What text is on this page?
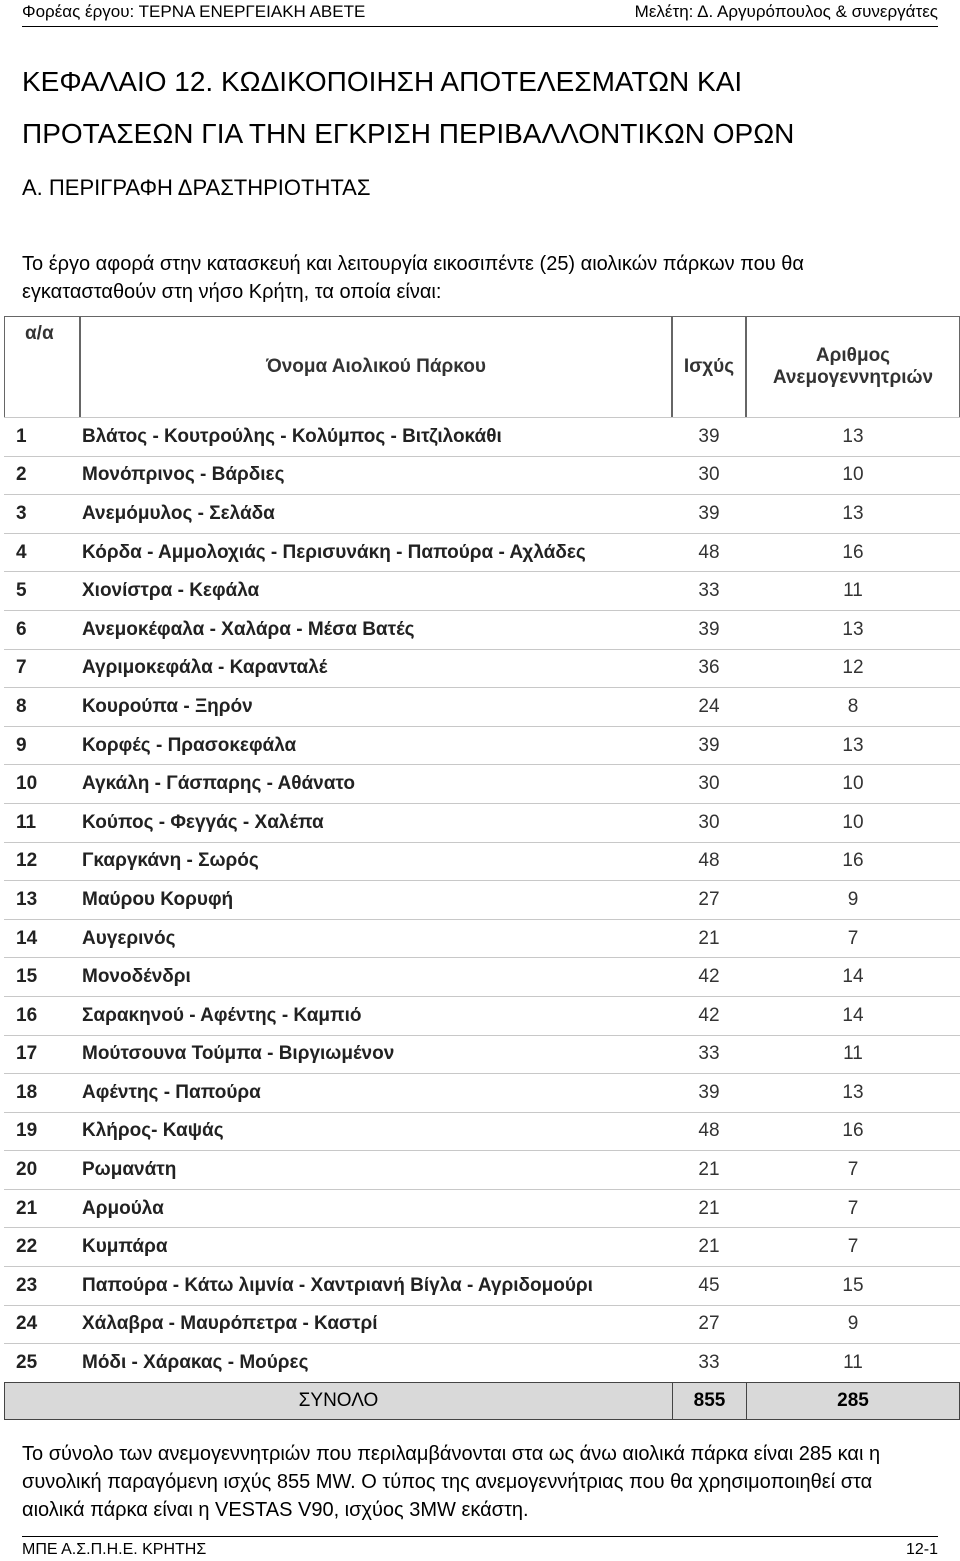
Φορέας έργου: ΤΕΡΝΑ ΕΝΕΡΓΕΙΑΚΗ ΑΒΕΤΕ	Μελέτη: Δ. Αργυρόπουλος & συνεργάτες
ΚΕΦΑΛΑΙΟ 12. ΚΩΔΙΚΟΠΟΙΗΣΗ ΑΠΟΤΕΛΕΣΜΑΤΩΝ ΚΑΙ
ΠΡΟΤΑΣΕΩΝ ΓΙΑ ΤΗΝ ΕΓΚΡΙΣΗ ΠΕΡΙΒΑΛΛΟΝΤΙΚΩΝ ΟΡΩΝ
Α. ΠΕΡΙΓΡΑΦΗ ΔΡΑΣΤΗΡΙΟΤΗΤΑΣ
Το έργο αφορά στην κατασκευή και λειτουργία εικοσιπέντε (25) αιολικών πάρκων που θα εγκατασταθούν στη νήσο Κρήτη, τα οποία είναι:
α/α	Όνομα Αιολικού Πάρκου	Ισχύς	Αριθμος
Ανεμογεννητριών

1	Βλάτος - Κουτρούλης - Κολύμπος - Βιτζιλοκάθι	39	13
2	Μονόπρινος - Βάρδιες	30	10
3	Ανεμόμυλος - Σελάδα	39	13
4	Κόρδα - Αμμολοχιάς - Περισυνάκη - Παπούρα - Αχλάδες	48	16
5	Χιονίστρα - Κεφάλα	33	11
6	Ανεμοκέφαλα - Χαλάρα - Μέσα Βατές	39	13
7	Αγριμοκεφάλα - Καρανταλέ	36	12
8	Κουρούπα - Ξηρόν	24	8
9	Κορφές - Πρασοκεφάλα	39	13
10	Αγκάλη - Γάσπαρης - Αθάνατο	30	10
11	Κούπος - Φεγγάς - Χαλέπα	30	10
12	Γκαργκάνη - Σωρός	48	16
13	Μαύρου Κορυφή	27	9
14	Αυγερινός	21	7
15	Μονοδένδρι	42	14
16	Σαρακηνού - Αφέντης - Καμπιό	42	14
17	Μούτσουνα Τούμπα - Βιργιωμένον	33	11
18	Αφέντης - Παπούρα	39	13
19	Κλήρος- Καψάς	48	16
20	Ρωμανάτη	21	7
21	Αρμούλα	21	7
22	Κυμπάρα	21	7
23	Παπούρα - Κάτω λιμνία - Χαντριανή Βίγλα - Αγριδομούρι	45	15
24	Χάλαβρα - Μαυρόπετρα - Καστρί	27	9
25	Μόδι - Χάρακας - Μούρες	33	11
ΣΥΝΟΛΟ		855	285
Το σύνολο των ανεμογεννητριών που περιλαμβάνονται στα ως άνω αιολικά πάρκα είναι 285 και η συνολική παραγόμενη ισχύς 855 MW. Ο τύπος της ανεμογεννήτριας που θα χρησιμοποιηθεί στα αιολικά πάρκα είναι η VESTAS V90, ισχύος 3MW εκάστη.
ΜΠΕ Α.Σ.Π.Η.Ε. ΚΡΗΤΗΣ	12-1
